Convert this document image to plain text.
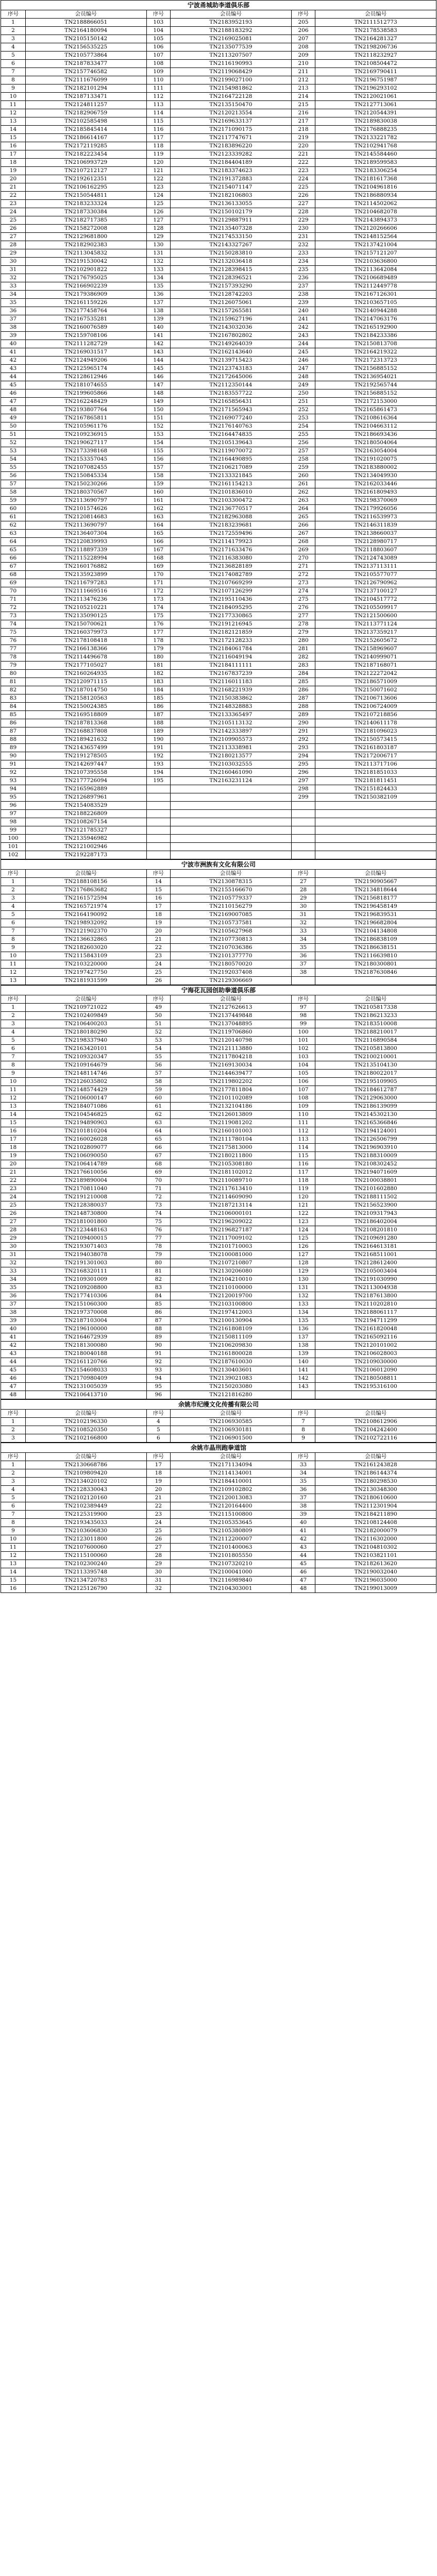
宁波甬城助李道俱乐部					
序号	会员编号	序号	会员编号	序号	会员编号
1	TN2188866051	103	TN2183952193	205	TN2111512773
2	TN2164180094	104	TN2188183292	206	TN2178538583
3	TN2105150142	105	TN2169025081	207	TN2164281327
4	TN2156535225	106	TN2135077539	208	TN2198206736
5	TN2105773864	107	TN2113207507	209	TN2118232927
6	TN2187833477	108	TN2116190993	210	TN2108504472
7	TN2157746582	109	TN2119068429	211	TN2169790411
8	TN2111676099	110	TN2199027100	212	TN2196751987
9	TN2182101294	111	TN2154981862	213	TN2196293102
10	TN2187133471	112	TN2164722128	214	TN2120021061
11	TN2124811257	113	TN2135150470	215	TN2127713061
12	TN2182906759	114	TN2120213554	216	TN2120544391
13	TN2102585498	115	TN2169633137	217	TN2189830038
14	TN2185845414	116	TN2171090175	218	TN2176888235
15	TN2186614167	117	TN2117747671	219	TN2133221782
16	TN2172119285	118	TN2183896220	220	TN2102941768
17	TN2182223454	119	TN2123339282	221	TN2145584460
18	TN2106993729	120	TN2184404189	222	TN2189599583
19	TN2107212127	121	TN2183374623	223	TN2183306254
20	TN2192612351	122	TN2191372883	224	TN2181617368
21	TN2106162295	123	TN2154071147	225	TN2104961816
22	TN2150544811	124	TN2182106803	226	TN2186880934
23	TN2183233324	125	TN2136133055	227	TN2114502062
24	TN2187330384	126	TN2150102179	228	TN2104682078
25	TN2182717385	127	TN2129887911	229	TN2143894373
26	TN2158272008	128	TN2135407328	230	TN2120266606
27	TN2129681800	129	TN2174533150	231	TN2148152564
28	TN2182902383	130	TN2143327267	232	TN2137421004
29	TN2113045832	131	TN2150283810	233	TN2157121207
30	TN2191530042	132	TN2132036418	234	TN2103636800
31	TN2102901822	133	TN2128398415	235	TN2113642084
32	TN2176795025	134	TN2128396521	236	TN2106689489
33	TN2166902239	135	TN2157393290	237	TN2112449778
34	TN2179386909	136	TN2128742203	238	TN2167126301
35	TN2161159226	137	TN2126075061	239	TN2103657105
36	TN2177458764	138	TN2157265581	240	TN2140944288
37	TN2167535281	139	TN2159627196	241	TN2147063176
38	TN2160076589	140	TN2143032036	242	TN2165192900
39	TN2159708106	141	TN2167802802	243	TN2184233386
40	TN2111282729	142	TN2149264039	244	TN2150813708
41	TN2169031517	143	TN2162143640	245	TN2164219322
42	TN2124949206	144	TN2139715423	246	TN2172313723
43	TN2125965174	145	TN2123743183	247	TN2156885152
44	TN2128612946	146	TN2172645006	248	TN2136954021
45	TN2181074655	147	TN2112350144	249	TN2192565744
46	TN2199605866	148	TN2183557722	250	TN2156885152
47	TN2162248429	149	TN2165856431	251	TN2172153000
48	TN2193807764	150	TN2171565943	252	TN2165861473
49	TN2167865811	151	TN2169077240	253	TN2108616364
50	TN2105961176	152	TN2176140763	254	TN2104663112
51	TN2109236915	153	TN2164474835	255	TN2186693436
52	TN2190627117	154	TN2105139643	256	TN2180504064
53	TN2173398168	155	TN2119070072	257	TN2163054004
54	TN2153357045	156	TN2164490895	258	TN2191020075
55	TN2107082455	157	TN2106217089	259	TN2183880002
56	TN2150845334	158	TN2133321845	260	TN2134049930
57	TN2150230266	159	TN2161154213	261	TN2162033446
58	TN2180370567	160	TN2101836010	262	TN2161809493
59	TN2113690797	161	TN2103300472	263	TN2198370069
60	TN2101574626	162	TN2136770517	264	TN2179926056
61	TN2120814683	163	TN2182963088	265	TN2116539973
62	TN2113690797	164	TN2183239681	266	TN2146311839
63	TN2136407304	165	TN2172559496	267	TN2138660037
64	TN2120839993	166	TN2114179923	268	TN2128980717
65	TN2118897339	167	TN2171633476	269	TN2118803607
66	TN2115228994	168	TN2116383080	270	TN2124743089
67	TN2160176882	169	TN2136828189	271	TN2137113111
68	TN2135923899	170	TN2174082789	272	TN2105577077
69	TN2116797283	171	TN2107669299	273	TN2126790962
70	TN2111669516	172	TN2107126299	274	TN2137100127
71	TN2113476236	173	TN2195110436	275	TN2104517772
72	TN2105210221	174	TN2184095295	276	TN2105509917
73	TN2135090125	175	TN2177330865	277	TN2121500600
74	TN2150700621	176	TN2191216945	278	TN2113771124
75	TN2160379973	177	TN2182121859	279	TN2137359217
76	TN2178108418	178	TN2172128233	280	TN2152605672
77	TN2166138366	179	TN2184061784	281	TN2158969607
78	TN2114496678	180	TN2116049194	282	TN2140999071
79	TN2177105027	181	TN2184111111	283	TN2187168071
80	TN2160264935	182	TN2167837239	284	TN2122272042
81	TN2120971115	183	TN2116011183	285	TN2186571009
82	TN2187014750	184	TN2168221939	286	TN2150071602
83	TN2158120563	185	TN2150383862	287	TN2106713606
84	TN2150024385	186	TN2148328883	288	TN2106724009
85	TN2169518809	187	TN2133365497	289	TN2107218856
86	TN2187813368	188	TN2105113132	290	TN2140611178
87	TN2168837808	189	TN2142333897	291	TN2181096023
88	TN2189421632	190	TN2109905573	292	TN2150573415
89	TN2143657499	191	TN2113338981	293	TN2161803187
90	TN2191278505	192	TN2180213577	294	TN2172006717
91	TN2142697447	193	TN2103032555	295	TN2113717106
92	TN2107395558	194	TN2160461090	296	TN2181851033
93	TN2177726094	195	TN2163231124	297	TN2181811451
94	TN2165962889			298	TN2151824433
95	TN2126897961			299	TN2150382109
96	TN2154083529				
97	TN2188226809				
98	TN2108267154				
99	TN2121785327				
100	TN2135946982				
101	TN2121002946				
102	TN2192287173				
宁波市洲族有文化有限公司					
序号	会员编号	序号	会员编号	序号	会员编号
1	TN2188108156	14	TN2130878315	27	TN2190905667
2	TN2176863682	15	TN2155166670	28	TN2134818644
3	TN2161572594	16	TN2105779337	29	TN2156818177
4	TN2165721974	17	TN2110156279	30	TN2196458149
5	TN2164190092	18	TN2169007085	31	TN2196839531
6	TN2198932092	19	TN2105737581	32	TN2196682804
7	TN2121902370	20	TN2105627968	33	TN2104134808
8	TN2136632865	21	TN2107730813	34	TN2186838109
9	TN2182603020	22	TN2107036386	35	TN2186638151
10	TN2115843109	23	TN2101377770	36	TN2116639810
11	TN2103220000	24	TN2180570020	37	TN2180300801
12	TN2197427750	25	TN2192037408	38	TN2187630846
13	TN2181931599	26	TN2129306669		
宁海花瓦园创助拳道俱乐部					
序号	会员编号	序号	会员编号	序号	会员编号
1	TN2109721022	49	TN2127626613	97	TN2105817338
2	TN2102409849	50	TN2137449848	98	TN2186213233
3	TN2106400203	51	TN2137048895	99	TN2183510008
4	TN2180180290	52	TN2119706860	100	TN2188210017
5	TN2198337940	53	TN2120140798	101	TN2116890584
6	TN2163420101	54	TN2121113880	102	TN2105813800
7	TN2109320347	55	TN2117804218	103	TN2100210001
8	TN2109164679	56	TN2169130034	104	TN2135104130
9	TN2148114746	57	TN2144639477	105	TN2180022017
10	TN2126035802	58	TN2119802202	106	TN2195109905
11	TN2148574429	59	TN2177811804	107	TN2184612787
12	TN2106000147	60	TN2101102089	108	TN2129063000
13	TN2184071086	61	TN2132104186	109	TN2186139099
14	TN2104546825	62	TN2126013809	110	TN2145302130
15	TN2194890903	63	TN2119081202	111	TN2165366846
16	TN2101810204	64	TN2160101003	112	TN2194124001
17	TN2160026028	65	TN2111780104	113	TN2126506799
18	TN2102809077	66	TN2175813000	114	TN2196903910
19	TN2106090050	67	TN2180211800	115	TN2188310009
20	TN2106414789	68	TN2105308180	116	TN2108302452
21	TN2176610056	69	TN2181102012	117	TN2194071609
22	TN2189890004	70	TN2110089710	118	TN2100038801
23	TN2170811040	71	TN2117613410	119	TN2101602880
24	TN2191210008	72	TN2114609090	120	TN2188111502
25	TN2128380037	73	TN2187213114	121	TN2156523900
26	TN2148730800	74	TN2106000101	122	TN2109317943
27	TN2181001800	75	TN2196209022	123	TN2186402004
28	TN2123448163	76	TN2196827187	124	TN2108201810
29	TN2109400015	77	TN2117009102	125	TN2109691280
30	TN2193071403	78	TN2101710003	126	TN2164613181
31	TN2194038078	79	TN2100081000	127	TN2168511001
32	TN2191301003	80	TN2107210807	128	TN2128612400
33	TN2168320111	81	TN2130206080	129	TN2105003404
34	TN2109301009	82	TN2104210010	130	TN2191030990
35	TN2109208800	83	TN2110100000	131	TN2113004938
36	TN2177410306	84	TN2120019700	132	TN2187613800
37	TN2151060300	85	TN2103100800	133	TN2110202810
38	TN2197370008	86	TN2197412003	134	TN2188061117
39	TN2187103004	87	TN2100130904	135	TN2194711299
40	TN2196100000	88	TN2161808109	136	TN2161820048
41	TN2164672939	89	TN2150811109	137	TN2165092116
42	TN2181300080	90	TN2106209830	138	TN2120101002
43	TN2180040188	91	TN2161800028	139	TN2106028003
44	TN2161120766	92	TN2187610030	140	TN2109030000
45	TN2154608033	93	TN2130403601	141	TN2106012090
46	TN2170980409	94	TN2139021083	142	TN2180508811
47	TN2131005039	95	TN2150203080	143	TN2195316100
48	TN2106413710	96	TN2121816280		
余姚市纪缦文化传播有限公司					
序号	会员编号	序号	会员编号	序号	会员编号
1	TN2102196330	4	TN2106930585	7	TN2108612906
2	TN2108520350	5	TN2106930181	8	TN2104242400
3	TN2102166800	6	TN2106901500	9	TN2102722116
余姚市晶刑跑拳道馆					
序号	会员编号	序号	会员编号	序号	会员编号
1	TN2130668786	17	TN2171134094	33	TN2161243828
2	TN2109809420	18	TN2114134001	34	TN2186144374
3	TN2134020102	19	TN2184410001	35	TN2180298530
4	TN2128330043	20	TN2109102802	36	TN2130348300
5	TN2102120160	21	TN2120013083	37	TN2180610600
6	TN2102389449	22	TN2120164400	38	TN2112301904
7	TN2125319900	23	TN2115100800	39	TN2184211890
8	TN2193435033	24	TN2105353645	40	TN2108124408
9	TN2103606830	25	TN2105380809	41	TN2182000079
10	TN2123011800	26	TN2112200007	42	TN2116302000
11	TN2107600060	27	TN2101400063	43	TN2104810302
12	TN2115100060	28	TN2101805550	44	TN2103821101
13	TN2102300240	29	TN2107320210	45	TN2182613620
14	TN2113395748	30	TN2100041000	46	TN2190032040
15	TN2134720783	31	TN2116989840	47	TN2196035000
16	TN2125126790	32	TN2104303001	48	TN2199013009
